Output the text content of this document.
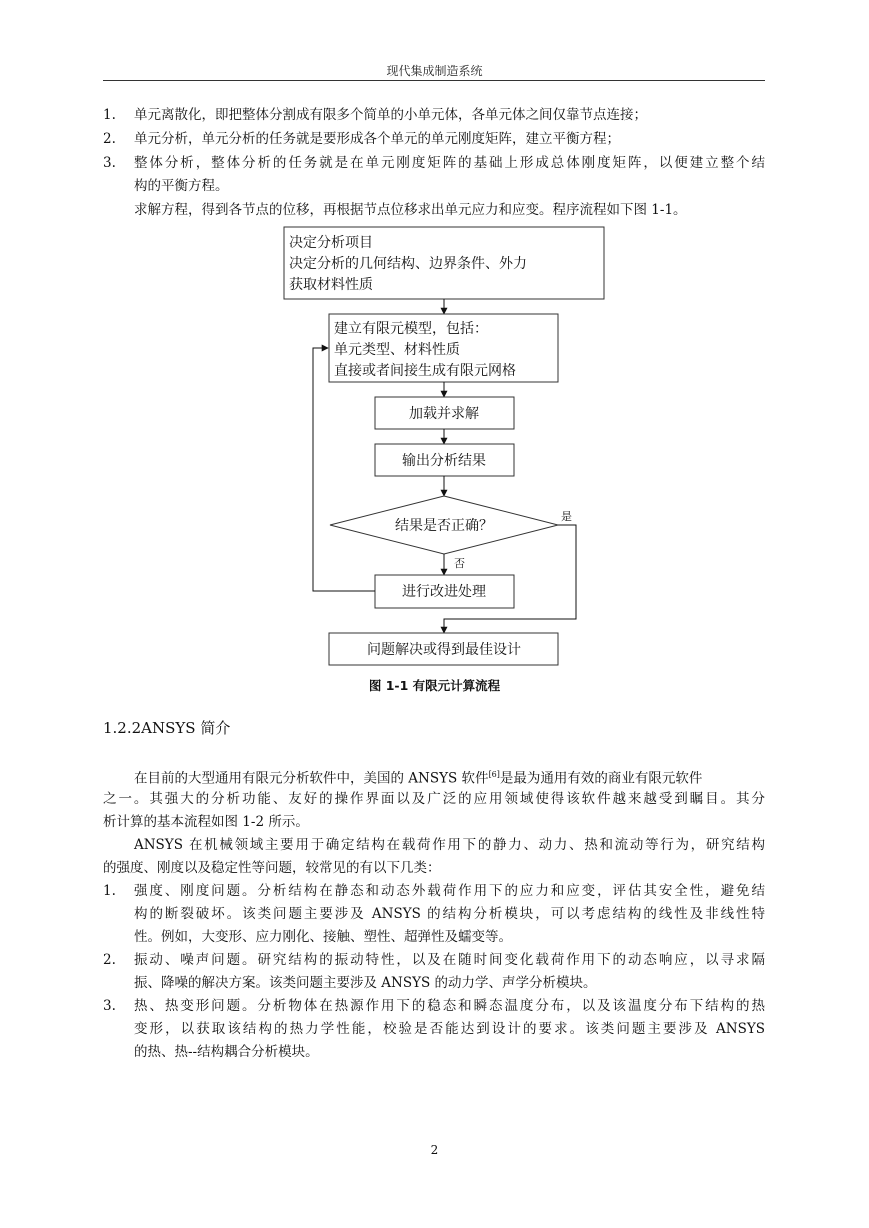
现代集成制造系统
1. 单元离散化，即把整体分割成有限多个简单的小单元体，各单元体之间仅靠节点连接；
2. 单元分析，单元分析的任务就是要形成各个单元的单元刚度矩阵，建立平衡方程；
3. 整体分析，整体分析的任务就是在单元刚度矩阵的基础上形成总体刚度矩阵，以便建立整个结
构的平衡方程。
求解方程，得到各节点的位移，再根据节点位移求出单元应力和应变。程序流程如下图 1-1。
决定分析项目
决定分析的几何结构、边界条件、外力
获取材料性质
建立有限元模型，包括：
单元类型、材料性质
直接或者间接生成有限元网格
加载并求解
输出分析结果
结果是否正确？
是
否
进行改进处理
问题解决或得到最佳设计
图 1-1 有限元计算流程
1.2.2ANSYS 简介
在目前的大型通用有限元分析软件中，美国的 ANSYS 软件[6]是最为通用有效的商业有限元软件
之一。其强大的分析功能、友好的操作界面以及广泛的应用领域使得该软件越来越受到瞩目。其分
析计算的基本流程如图 1-2 所示。
ANSYS 在机械领域主要用于确定结构在载荷作用下的静力、动力、热和流动等行为，研究结构
的强度、刚度以及稳定性等问题，较常见的有以下几类：
1. 强度、刚度问题。分析结构在静态和动态外载荷作用下的应力和应变，评估其安全性，避免结
构的断裂破坏。该类问题主要涉及 ANSYS 的结构分析模块，可以考虑结构的线性及非线性特
性。例如，大变形、应力刚化、接触、塑性、超弹性及蠕变等。
2. 振动、噪声问题。研究结构的振动特性，以及在随时间变化载荷作用下的动态响应，以寻求隔
振、降噪的解决方案。该类问题主要涉及 ANSYS 的动力学、声学分析模块。
3. 热、热变形问题。分析物体在热源作用下的稳态和瞬态温度分布，以及该温度分布下结构的热
变形，以获取该结构的热力学性能，校验是否能达到设计的要求。该类问题主要涉及 ANSYS
的热、热--结构耦合分析模块。
2
